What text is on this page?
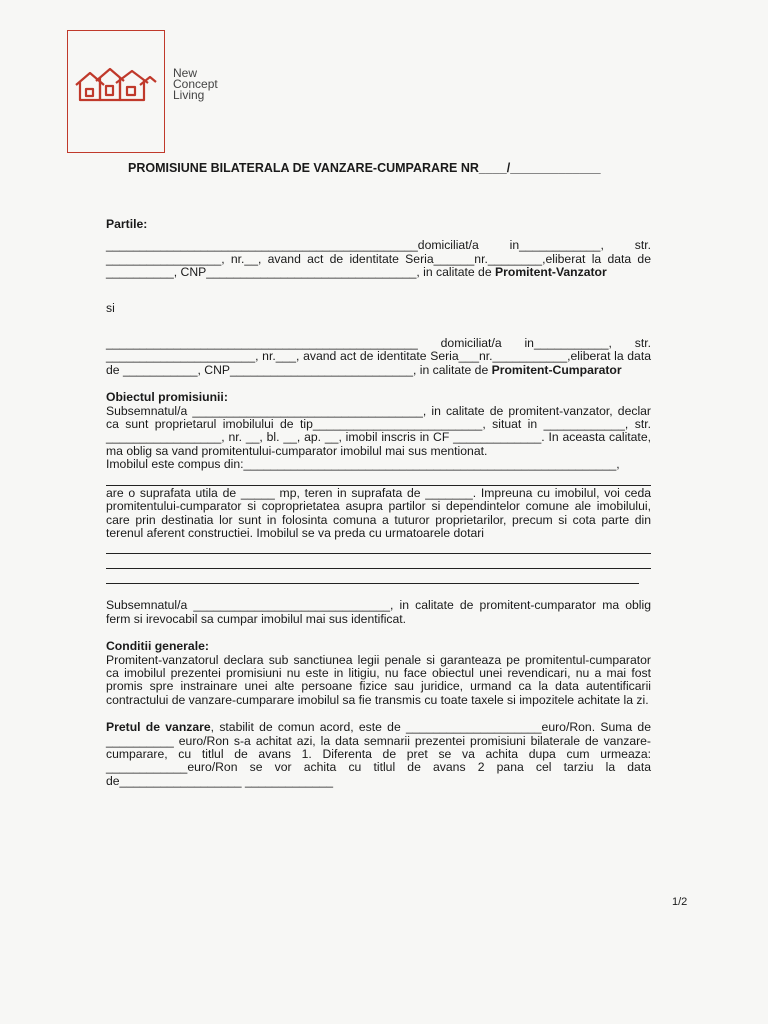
New
Concept
Living
PROMISIUNE BILATERALA DE VANZARE-CUMPARARE NR____/_____________

Partile:

______________________________________________domiciliat/a in____________, str. _________________, nr.__, avand act de identitate Seria______nr.________,eliberat la data de __________, CNP_______________________________, in calitate de Promitent-Vanzator

si

______________________________________________ domiciliat/a in___________, str. ______________________, nr.___, avand act de identitate Seria___nr.___________,eliberat la data de ___________, CNP___________________________, in calitate de Promitent-Cumparator

Obiectul promisiunii:

Subsemnatul/a __________________________________, in calitate de promitent-vanzator, declar ca sunt proprietarul imobilului de tip_________________________, situat in ____________, str. _________________, nr. __, bl. __, ap. __, imobil inscris in CF _____________. In aceasta calitate, ma oblig sa vand promitentului-cumparator imobilul mai sus mentionat.

Imobilul este compus din:_______________________________________________________,

are o suprafata utila de _____ mp, teren in suprafata de _______. Impreuna cu imobilul, voi ceda promitentului-cumparator si coproprietatea asupra partilor si dependintelor comune ale imobilului, care prin destinatia lor sunt in folosinta comuna a tuturor proprietarilor, precum si cota parte din terenul aferent constructiei. Imobilul se va preda cu urmatoarele dotari

Subsemnatul/a _____________________________, in calitate de promitent-cumparator ma oblig ferm si irevocabil sa cumpar imobilul mai sus identificat.

Conditii generale:

Promitent-vanzatorul declara sub sanctiunea legii penale si garanteaza pe promitentul-cumparator ca imobilul prezentei promisiuni nu este in litigiu, nu face obiectul unei revendicari, nu a mai fost promis spre instrainare unei alte persoane fizice sau juridice, urmand ca la data autentificarii contractului de vanzare-cumparare imobilul sa fie transmis cu toate taxele si impozitele achitate la zi.

Pretul de vanzare, stabilit de comun acord, este de ____________________euro/Ron. Suma de __________ euro/Ron s-a achitat azi, la data semnarii prezentei promisiuni bilaterale de vanzare-cumparare, cu titlul de avans 1. Diferenta de pret se va achita dupa cum urmeaza: ____________euro/Ron se vor achita cu titlul de avans 2 pana cel tarziu la data de__________________ _____________

1/2
